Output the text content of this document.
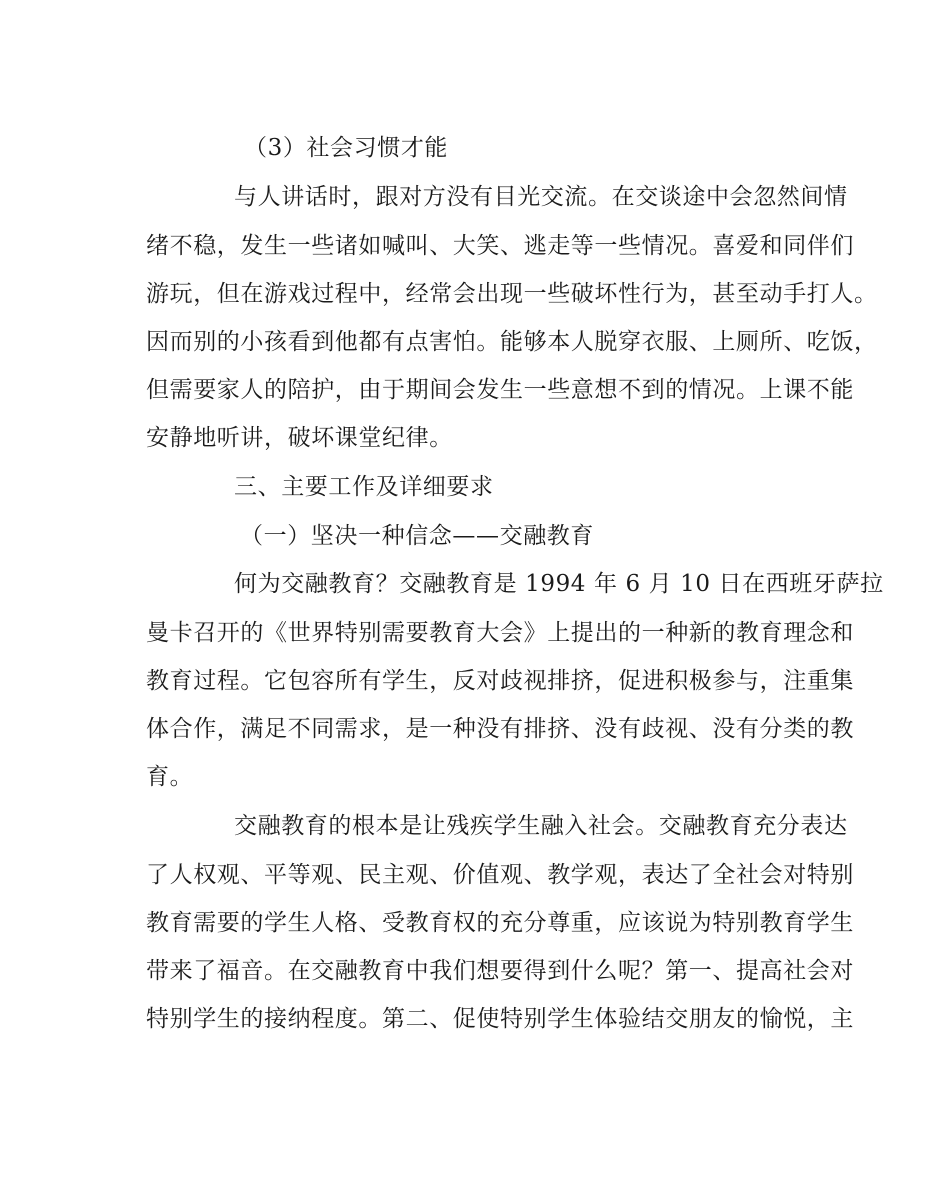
（3）社会习惯才能
与人讲话时，跟对方没有目光交流。在交谈途中会忽然间情
绪不稳，发生一些诸如喊叫、大笑、逃走等一些情况。喜爱和同伴们
游玩，但在游戏过程中，经常会出现一些破坏性行为，甚至动手打人。
因而别的小孩看到他都有点害怕。能够本人脱穿衣服、上厕所、吃饭，
但需要家人的陪护，由于期间会发生一些意想不到的情况。上课不能
安静地听讲，破坏课堂纪律。
三、主要工作及详细要求
（一）坚决一种信念——交融教育
何为交融教育？交融教育是 1994 年 6 月 10 日在西班牙萨拉
曼卡召开的《世界特别需要教育大会》上提出的一种新的教育理念和
教育过程。它包容所有学生，反对歧视排挤，促进积极参与，注重集
体合作，满足不同需求，是一种没有排挤、没有歧视、没有分类的教
育。
交融教育的根本是让残疾学生融入社会。交融教育充分表达
了人权观、平等观、民主观、价值观、教学观，表达了全社会对特别
教育需要的学生人格、受教育权的充分尊重，应该说为特别教育学生
带来了福音。在交融教育中我们想要得到什么呢？第一、提高社会对
特别学生的接纳程度。第二、促使特别学生体验结交朋友的愉悦，主
